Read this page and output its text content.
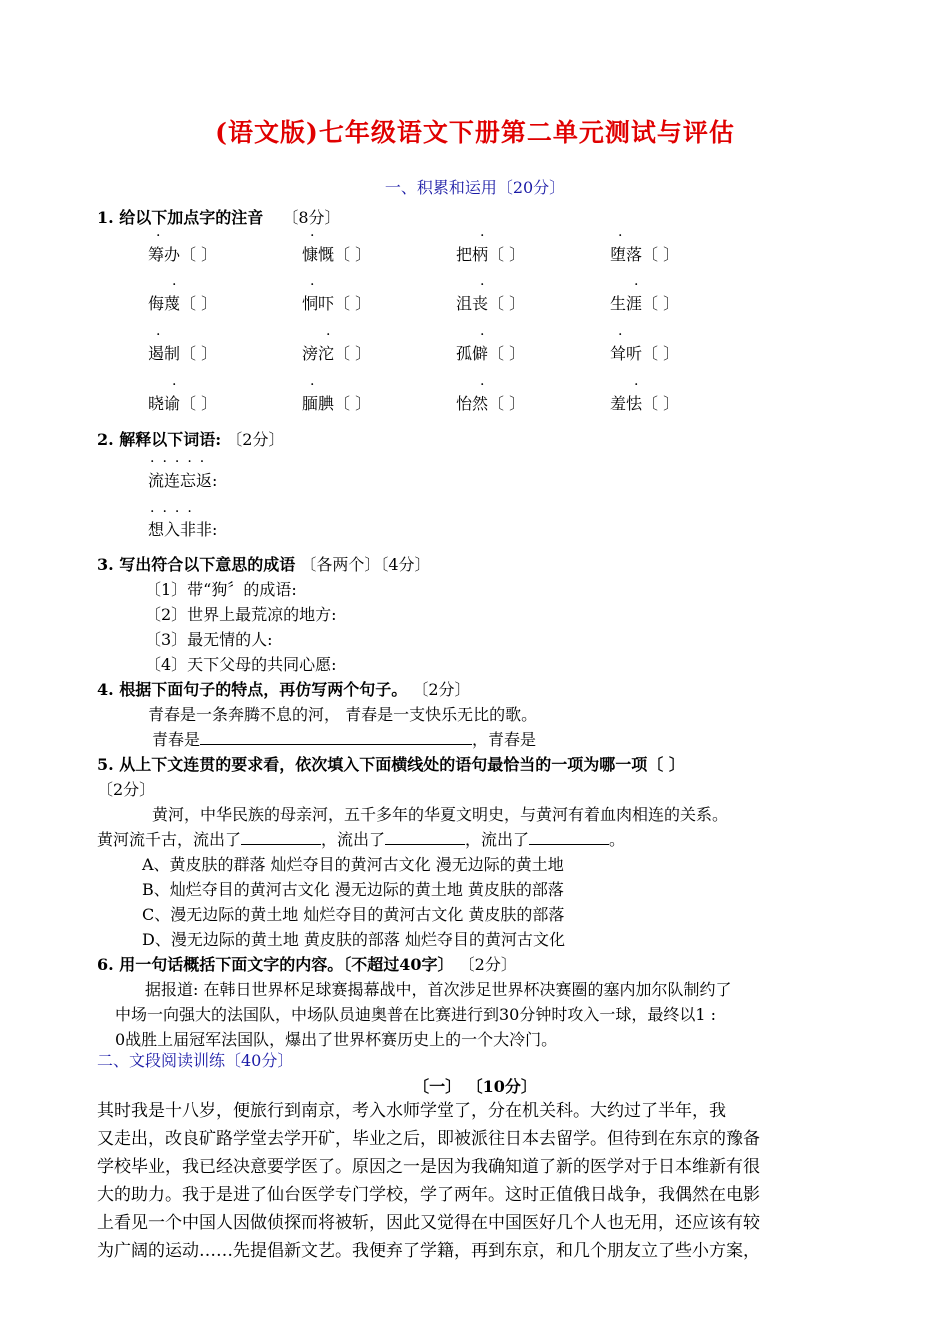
(语文版)七年级语文下册第二单元测试与评估
一、积累和运用〔20分〕
1. 给以下加点字的注音 〔8分〕
筹办〔 〕	慷慨〔 〕	把柄〔 〕	堕落〔 〕
侮蔑〔 〕	恫吓〔 〕	沮丧〔 〕	生涯〔 〕
遏制〔 〕	滂沱〔 〕	孤僻〔 〕	耸听〔 〕
晓谕〔 〕	腼腆〔 〕	怡然〔 〕	羞怯〔 〕
.	.	.	.
.	.	.	.
.	.	.	.
.	.	.	.
.....
....
2. 解释以下词语: 〔2分〕
流连忘返:
想入非非:
3. 写出符合以下意思的成语 〔各两个〕〔4分〕
〔1〕带“狗〞的成语:
〔2〕世界上最荒凉的地方:
〔3〕最无情的人:
〔4〕天下父母的共同心愿:
4. 根据下面句子的特点，再仿写两个句子。 〔2分〕
青春是一条奔腾不息的河， 青春是一支快乐无比的歌。
青春是	，青春是
5. 从上下文连贯的要求看，依次填入下面横线处的语句最恰当的一项为哪一项〔 〕
〔2分〕
黄河，中华民族的母亲河，五千多年的华夏文明史，与黄河有着血肉相连的关系。
黄河流千古，流出了	，流出了	，流出了	。
A、黄皮肤的群落 灿烂夺目的黄河古文化 漫无边际的黄土地
B、灿烂夺目的黄河古文化 漫无边际的黄土地 黄皮肤的部落
C、漫无边际的黄土地 灿烂夺目的黄河古文化 黄皮肤的部落
D、漫无边际的黄土地 黄皮肤的部落 灿烂夺目的黄河古文化
6. 用一句话概括下面文字的内容。〔不超过40字〕 〔2分〕
据报道: 在韩日世界杯足球赛揭幕战中，首次涉足世界杯决赛圈的塞内加尔队制约了
中场一向强大的法国队，中场队员迪奥普在比赛进行到30分钟时攻入一球，最终以1 :
0战胜上届冠军法国队，爆出了世界杯赛历史上的一个大冷门。
二、文段阅读训练〔40分〕
〔一〕 〔10分〕
其时我是十八岁，便旅行到南京，考入水师学堂了，分在机关科。大约过了半年，我
又走出，改良矿路学堂去学开矿，毕业之后，即被派往日本去留学。但待到在东京的豫备
学校毕业，我已经决意要学医了。原因之一是因为我确知道了新的医学对于日本维新有很
大的助力。我于是进了仙台医学专门学校，学了两年。这时正值俄日战争，我偶然在电影
上看见一个中国人因做侦探而将被斩，因此又觉得在中国医好几个人也无用，还应该有较
为广阔的运动……先提倡新文艺。我便弃了学籍，再到东京，和几个朋友立了些小方案，
